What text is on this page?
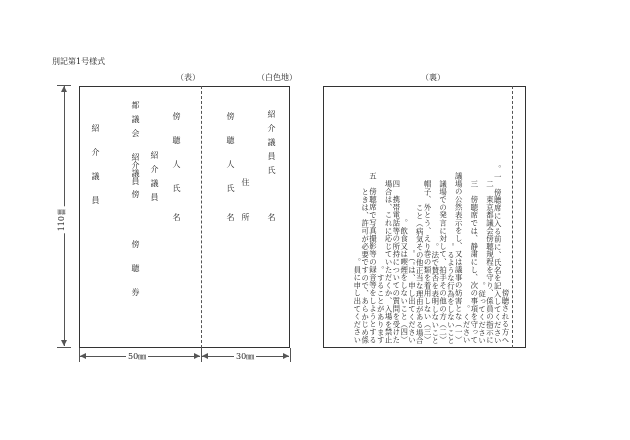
別記第1号様式
（表）	（白色地）	（裏）
110㎜	紹介議員
都議会
紹介議員
紹介議員
傍
傍聴券
傍聴人氏
名
傍聴人氏
名
住
所
紹介議員氏
名
50㎜	30㎜
傍聴される方へ
一　傍聴席に入る前に、氏名を記入してください。
二　東京都議会傍聴規程を守り、係員の指示に
従ってください。
三　傍聴席では、静粛にし、次の事項を守って
ください。
（一）議場の公然表示をし、又は議事の妨害とな
るような行為をしないこと。
（二）議場での発言に対して、拍手その他の方
法で賛否を表明しないこと。
（三）帽子、外とう、えり巻の類を着用しない
こと（病気その他正当な理由がある場合
は、申し出てください。）。
（四）飲食又は喫煙をしないこと。
四　携帯電話等の所持についての質問を受けた
場合は、これに応じていただくか、入場を禁止
することがあります。
五　傍聴席で写真撮影等の録音等をしようとする
ときは、許可が必要ですので、あらかじめ係
員に申し出てください。
